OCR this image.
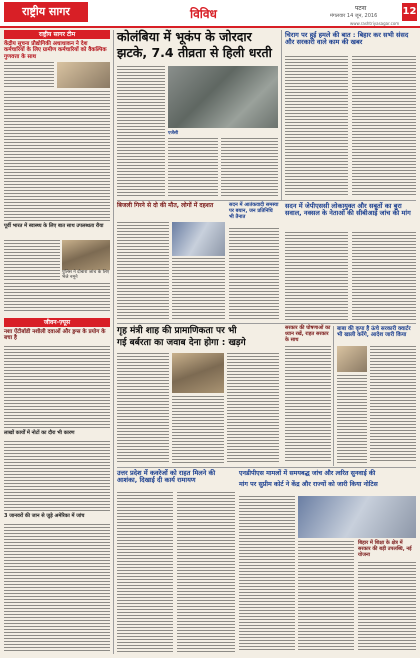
राष्ट्रीय सागर	विविध	पटना
मंगलवार 14 जून, 2016	12
www.rashtriyasagar.com
राष्ट्रीय सागर टीम
केंद्रीय सूचना प्रौद्योगिकी अधाधाकन ने देश कर्मचारियों के लिए ग्रामीण कर्मचारियों को वैकल्पिक गुणवत्ता के साथ
पूर्वी भारत में स्वास्थ्य के लिए बात साथ उपलब्धता रीया
पुलिस ने दोबारा जांच के लिए भेजे नमूने
जीवन-ज़्यूस
नशा ऐंटीबॉडी नशीली दवाओं और ड्रग्स के प्रयोग के बचा है
लाखों कार्यों में नोटों का दौरा भी कारण
3 जानवरों की जान से जुड़े अमेरिका में जांच
कोलंबिया में भूकंप के जोरदार
झटके, 7.4 तीव्रता से हिली धरती
एजेंसी
चिराग पर हुई हमले की बात : बिहार कर सभी संसद और सरकारी वाले काम की खबर
बिजली गिरने से दो की मौत, लोगों में दहशत	सदन में आतंकवादी समस्या पर बयान, जन प्रतिनिधि भी तैनात
सदन में जेपीएससी लोकायुक्त और सबूतों का बुरा सवाल, नक्सल के नेताओं की सीबीआई जांच की मांग
गृह मंत्री शाह की प्रामाणिकता पर भी
गई बर्बरता का जवाब देना होगा : खड़गे
सरकार की घोषणाओं का ध्यान रखें, राहत सरकार के साथ
बाबा की कृपा है ऊंचे सरकारी क्वार्टर भी खाली करेंगे, आदेश जारी किया
उत्तर प्रदेश में कवरेजों को राहत मिलने की आशंका, दिखाई दी कार्य रामायण
एनडीपीएस मामलों में समयबद्ध जांच और त्वरित सुनवाई की
मांग पर सुप्रीम कोर्ट ने केंद्र और राज्यों को जारी किया नोटिस
बिहार में शिक्षा के क्षेत्र में सरकार की बड़ी उपलब्धि, नई योजना
